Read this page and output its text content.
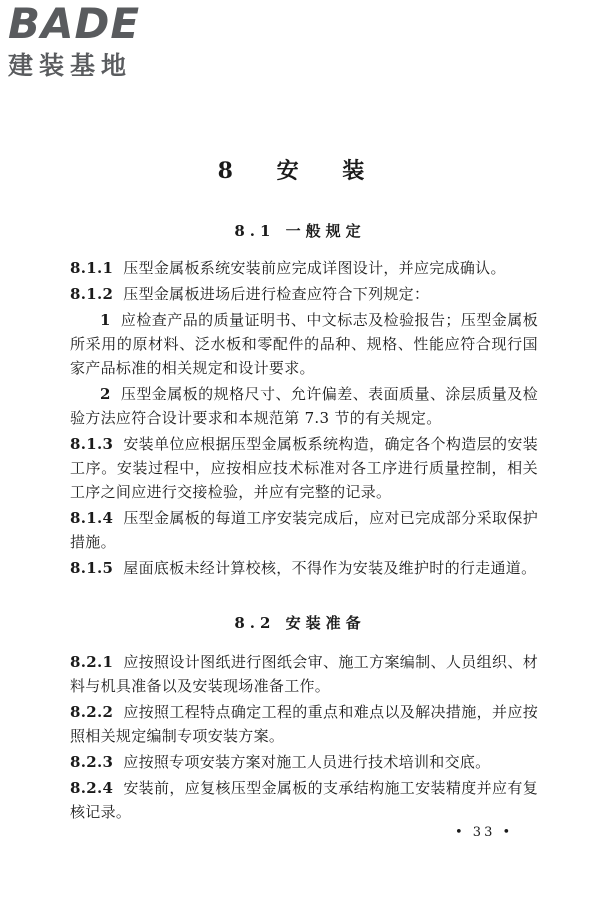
BADE
建装基地
8 安 装
8.1 一般规定

8.1.1 压型金属板系统安装前应完成详图设计，并应完成确认。

8.1.2 压型金属板进场后进行检查应符合下列规定：

1 应检查产品的质量证明书、中文标志及检验报告；压型金属板所采用的原材料、泛水板和零配件的品种、规格、性能应符合现行国家产品标准的相关规定和设计要求。

2 压型金属板的规格尺寸、允许偏差、表面质量、涂层质量及检验方法应符合设计要求和本规范第 7.3 节的有关规定。

8.1.3 安装单位应根据压型金属板系统构造，确定各个构造层的安装工序。安装过程中，应按相应技术标准对各工序进行质量控制，相关工序之间应进行交接检验，并应有完整的记录。

8.1.4 压型金属板的每道工序安装完成后，应对已完成部分采取保护措施。

8.1.5 屋面底板未经计算校核，不得作为安装及维护时的行走通道。

8.2 安装准备

8.2.1 应按照设计图纸进行图纸会审、施工方案编制、人员组织、材料与机具准备以及安装现场准备工作。

8.2.2 应按照工程特点确定工程的重点和难点以及解决措施，并应按照相关规定编制专项安装方案。

8.2.3 应按照专项安装方案对施工人员进行技术培训和交底。

8.2.4 安装前，应复核压型金属板的支承结构施工安装精度并应有复核记录。

• 33 •
